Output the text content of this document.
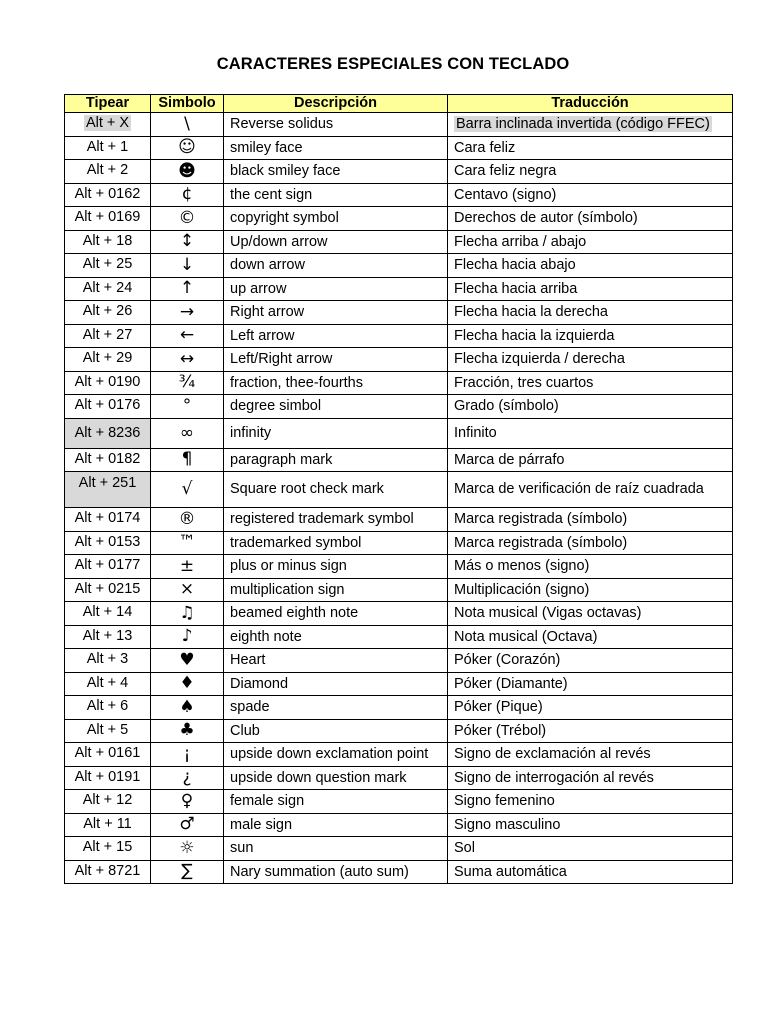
CARACTERES ESPECIALES CON TECLADO
Tipear	Simbolo	Descripción	Traducción
Alt + X	\	Reverse solidus	Barra inclinada invertida (código FFEC)
Alt + 1	☺	smiley face	Cara feliz
Alt + 2	☻	black smiley face	Cara feliz negra
Alt + 0162	¢	the cent sign	Centavo (signo)
Alt + 0169	©	copyright symbol	Derechos de autor (símbolo)
Alt + 18	↕	Up/down arrow	Flecha arriba / abajo
Alt + 25	↓	down arrow	Flecha hacia abajo
Alt + 24	↑	up arrow	Flecha hacia arriba
Alt + 26	→	Right arrow	Flecha hacia la derecha
Alt + 27	←	Left arrow	Flecha hacia la izquierda
Alt + 29	↔	Left/Right arrow	Flecha izquierda / derecha
Alt + 0190	¾	fraction, thee-fourths	Fracción, tres cuartos
Alt + 0176	°	degree simbol	Grado (símbolo)
Alt + 8236	∞	infinity	Infinito
Alt + 0182	¶	paragraph mark	Marca de párrafo
Alt + 251	√	Square root check mark	Marca de verificación de raíz cuadrada
Alt + 0174	®	registered trademark symbol	Marca registrada (símbolo)
Alt + 0153	™	trademarked symbol	Marca registrada (símbolo)
Alt + 0177	±	plus or minus sign	Más o menos (signo)
Alt + 0215	×	multiplication sign	Multiplicación (signo)
Alt + 14	♫	beamed eighth note	Nota musical (Vigas octavas)
Alt + 13	♪	eighth note	Nota musical (Octava)
Alt + 3	♥	Heart	Póker (Corazón)
Alt + 4	♦	Diamond	Póker (Diamante)
Alt + 6	♠	spade	Póker (Pique)
Alt + 5	♣	Club	Póker (Trébol)
Alt + 0161	¡	upside down exclamation point	Signo de exclamación al revés
Alt + 0191	¿	upside down question mark	Signo de interrogación al revés
Alt + 12	♀	female sign	Signo femenino
Alt + 11	♂	male sign	Signo masculino
Alt + 15	☼	sun	Sol
Alt + 8721	∑	Nary summation (auto sum)	Suma automática
